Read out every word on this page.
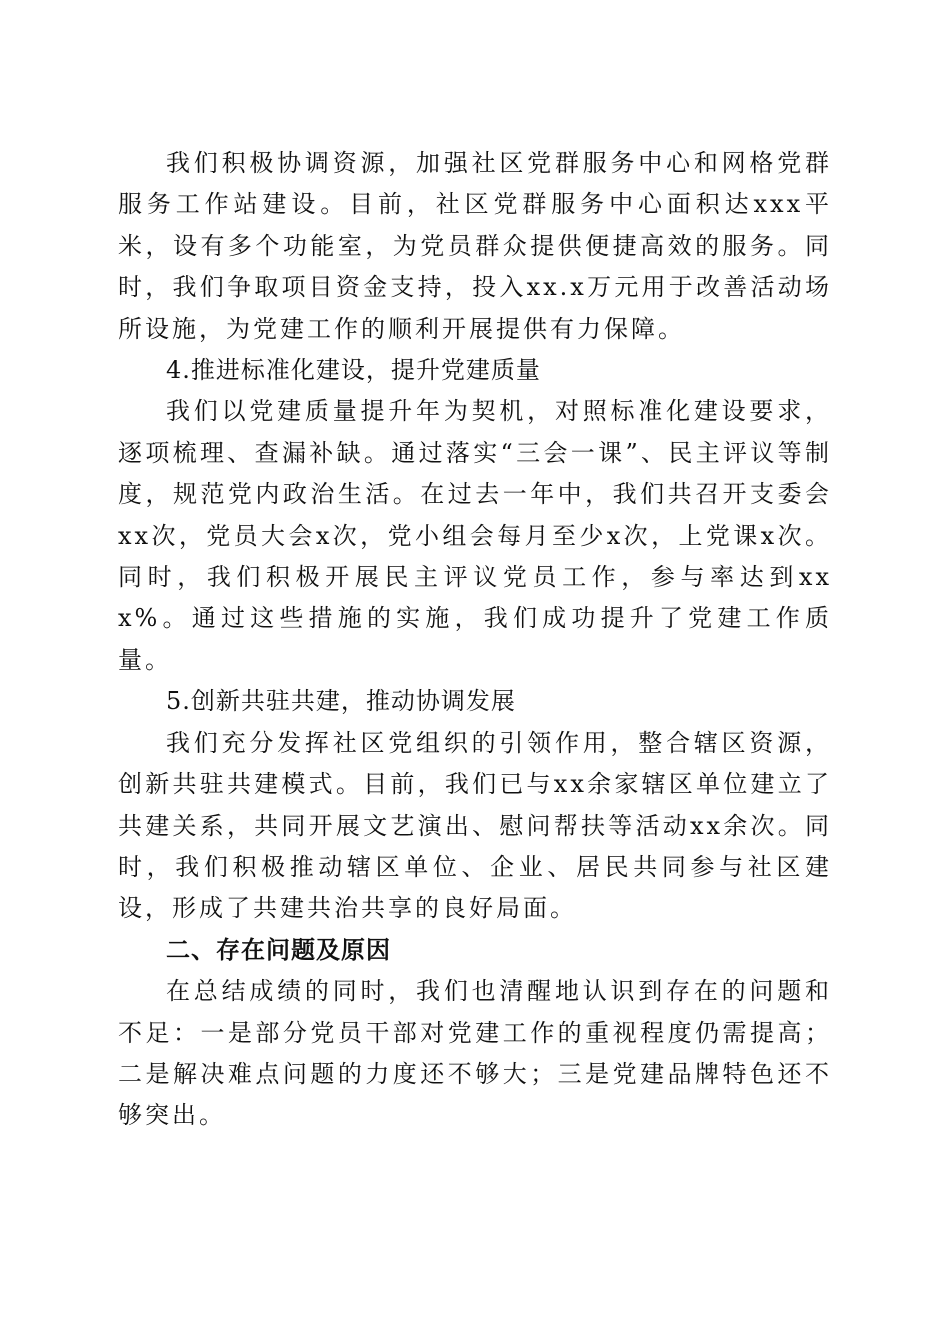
我们积极协调资源，加强社区党群服务中心和网格党群服务工作站建设。目前，社区党群服务中心面积达xxx平米，设有多个功能室，为党员群众提供便捷高效的服务。同时，我们争取项目资金支持，投入xx.x万元用于改善活动场所设施，为党建工作的顺利开展提供有力保障。

4.推进标准化建设，提升党建质量

我们以党建质量提升年为契机，对照标准化建设要求，逐项梳理、查漏补缺。通过落实“三会一课”、民主评议等制度，规范党内政治生活。在过去一年中，我们共召开支委会xx次，党员大会x次，党小组会每月至少x次，上党课x次。同时，我们积极开展民主评议党员工作，参与率达到xxx%。通过这些措施的实施，我们成功提升了党建工作质量。

5.创新共驻共建，推动协调发展

我们充分发挥社区党组织的引领作用，整合辖区资源，创新共驻共建模式。目前，我们已与xx余家辖区单位建立了共建关系，共同开展文艺演出、慰问帮扶等活动xx余次。同时，我们积极推动辖区单位、企业、居民共同参与社区建设，形成了共建共治共享的良好局面。

二、存在问题及原因

在总结成绩的同时，我们也清醒地认识到存在的问题和不足：一是部分党员干部对党建工作的重视程度仍需提高；二是解决难点问题的力度还不够大；三是党建品牌特色还不够突出。
